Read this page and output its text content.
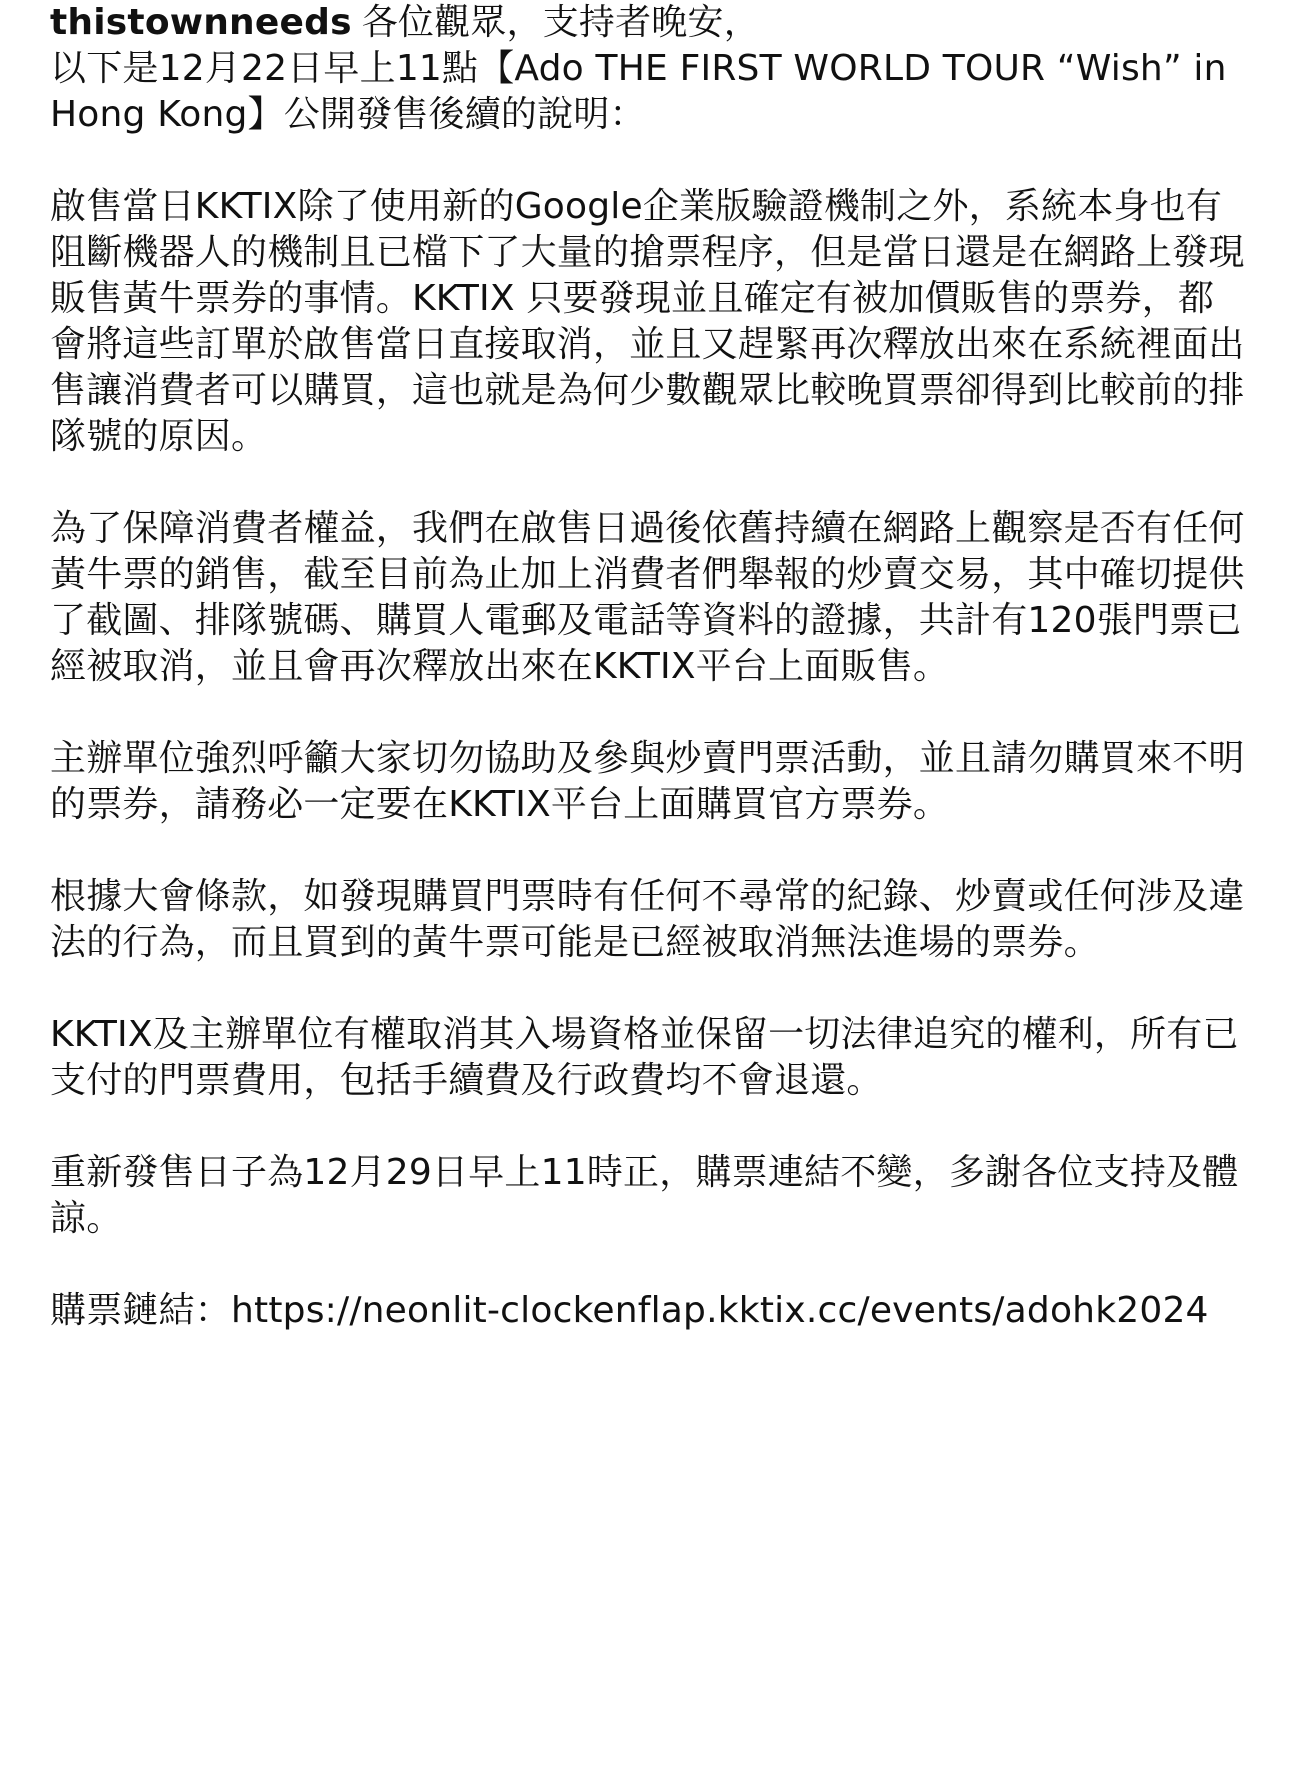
thistownneeds 各位觀眾，支持者晚安，
以下是12月22日早上11點【Ado THE FIRST WORLD TOUR “Wish” in Hong Kong】公開發售後續的說明：

啟售當日KKTIX除了使用新的Google企業版驗證機制之外，系統本身也有阻斷機器人的機制且已檔下了大量的搶票程序，但是當日還是在網路上發現販售黃牛票券的事情。KKTIX 只要發現並且確定有被加價販售的票券，都會將這些訂單於啟售當日直接取消，並且又趕緊再次釋放出來在系統裡面出售讓消費者可以購買，這也就是為何少數觀眾比較晚買票卻得到比較前的排隊號的原因。

為了保障消費者權益，我們在啟售日過後依舊持續在網路上觀察是否有任何黃牛票的銷售，截至目前為止加上消費者們舉報的炒賣交易，其中確切提供了截圖、排隊號碼、購買人電郵及電話等資料的證據，共計有120張門票已經被取消，並且會再次釋放出來在KKTIX平台上面販售。

主辦單位強烈呼籲大家切勿協助及參與炒賣門票活動，並且請勿購買來不明的票券，請務必一定要在KKTIX平台上面購買官方票券。

根據大會條款，如發現購買門票時有任何不尋常的紀錄、炒賣或任何涉及違法的行為，而且買到的黃牛票可能是已經被取消無法進場的票券。

KKTIX及主辦單位有權取消其入場資格並保留一切法律追究的權利，所有已支付的門票費用，包括手續費及行政費均不會退還。

重新發售日子為12月29日早上11時正，購票連結不變，多謝各位支持及體諒。

購票鏈結：https://neonlit-clockenflap.kktix.cc/events/adohk2024
